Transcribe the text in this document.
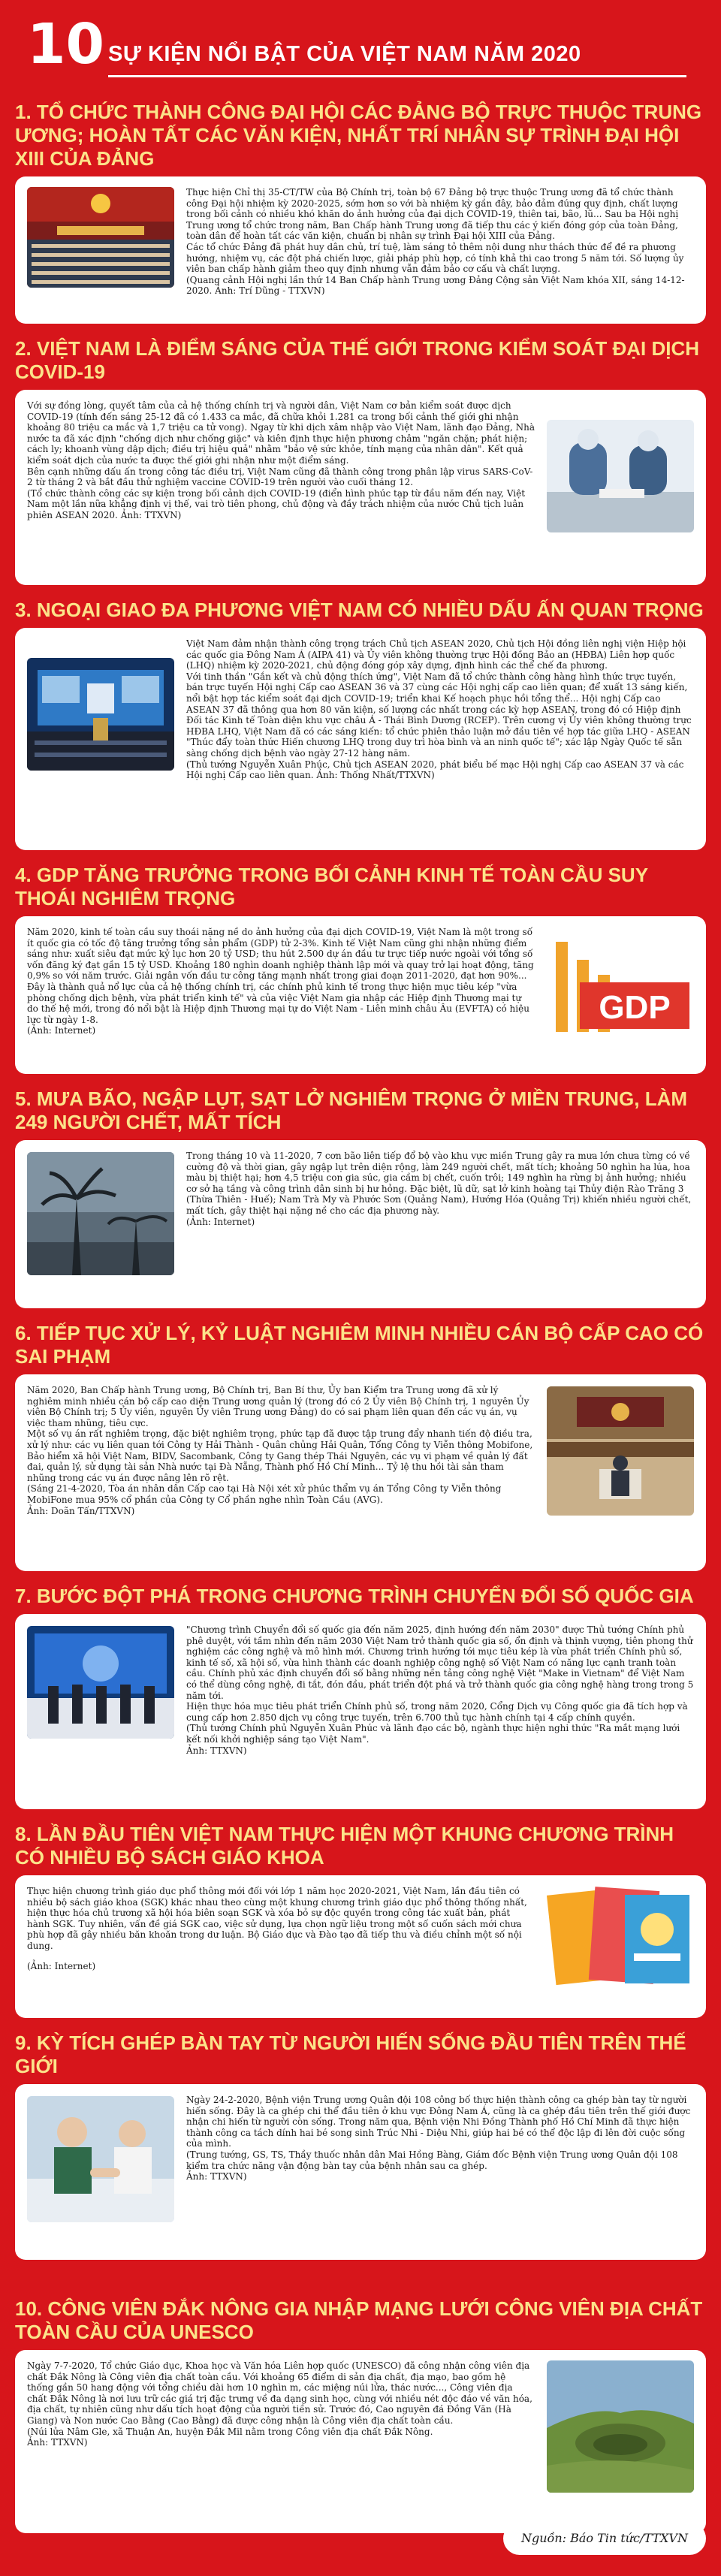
10 SỰ KIỆN NỔI BẬT CỦA VIỆT NAM NĂM 2020
1. TỔ CHỨC THÀNH CÔNG ĐẠI HỘI CÁC ĐẢNG BỘ TRỰC THUỘC TRUNG ƯƠNG; HOÀN TẤT CÁC VĂN KIỆN, NHẤT TRÍ NHÂN SỰ TRÌNH ĐẠI HỘI XIII CỦA ĐẢNG

Thực hiện Chỉ thị 35-CT/TW của Bộ Chính trị, toàn bộ 67 Đảng bộ trực thuộc Trung ương đã tổ chức thành công Đại hội nhiệm kỳ 2020-2025, sớm hơn so với bà nhiệm kỳ gần đây, bảo đảm đúng quy định, chất lượng trong bối cảnh có nhiều khó khăn do ảnh hưởng của đại dịch COVID-19, thiên tai, bão, lũ... Sau ba Hội nghị Trung ương tổ chức trong năm, Ban Chấp hành Trung ương đã tiếp thu các ý kiến đóng góp của toàn Đảng, toàn dân để hoàn tất các văn kiện, chuẩn bị nhân sự trình Đại hội XIII của Đảng.

Các tổ chức Đảng đã phát huy dân chủ, trí tuệ, làm sáng tỏ thêm nội dung như thách thức để đề ra phương hướng, nhiệm vụ, các đột phá chiến lược, giải pháp phù hợp, có tính khả thi cao trong 5 năm tới. Số lượng ủy viên ban chấp hành giảm theo quy định nhưng vẫn đảm bảo cơ cấu và chất lượng.

(Quang cảnh Hội nghị lần thứ 14 Ban Chấp hành Trung ương Đảng Cộng sản Việt Nam khóa XII, sáng 14-12-2020. Ảnh: Trí Dũng - TTXVN)

2. VIỆT NAM LÀ ĐIỂM SÁNG CỦA THẾ GIỚI TRONG KIỂM SOÁT ĐẠI DỊCH COVID-19

Với sự đồng lòng, quyết tâm của cả hệ thống chính trị và người dân, Việt Nam cơ bản kiểm soát được dịch COVID-19 (tính đến sáng 25-12 đã có 1.433 ca mắc, đã chữa khỏi 1.281 ca trong bối cảnh thế giới ghi nhận khoảng 80 triệu ca mắc và 1,7 triệu ca tử vong). Ngay từ khi dịch xâm nhập vào Việt Nam, lãnh đạo Đảng, Nhà nước ta đã xác định "chống dịch như chống giặc" và kiên định thực hiện phương châm "ngăn chặn; phát hiện; cách ly; khoanh vùng dập dịch; điều trị hiệu quả" nhằm "bảo vệ sức khỏe, tính mạng của nhân dân". Kết quả kiểm soát dịch của nước ta được thế giới ghi nhận như một điểm sáng.

Bên cạnh những dấu ấn trong công tác điều trị, Việt Nam cũng đã thành công trong phân lập virus SARS-CoV-2 từ tháng 2 và bắt đầu thử nghiệm vaccine COVID-19 trên người vào cuối tháng 12.

(Tổ chức thành công các sự kiện trong bối cảnh dịch COVID-19 (điển hình phúc tạp từ đầu năm đến nay, Việt Nam một lần nữa khẳng định vị thế, vai trò tiên phong, chủ động và đầy trách nhiệm của nước Chủ tịch luân phiên ASEAN 2020. Ảnh: TTXVN)

3. NGOẠI GIAO ĐA PHƯƠNG VIỆT NAM CÓ NHIỀU DẤU ẤN QUAN TRỌNG

Việt Nam đảm nhận thành công trọng trách Chủ tịch ASEAN 2020, Chủ tịch Hội đồng liên nghị viện Hiệp hội các quốc gia Đông Nam Á (AIPA 41) và Ủy viên không thường trực Hội đồng Bảo an (HĐBA) Liên hợp quốc (LHQ) nhiệm kỳ 2020-2021, chủ động đóng góp xây dựng, định hình các thể chế đa phương.

Với tinh thần "Gắn kết và chủ động thích ứng", Việt Nam đã tổ chức thành công hàng hình thức trực tuyến, bán trực tuyến Hội nghị Cấp cao ASEAN 36 và 37 cùng các Hội nghị cấp cao liên quan; để xuất 13 sáng kiến, nổi bật hợp tác kiểm soát đại dịch COVID-19; triển khai Kế hoạch phục hồi tổng thể... Hội nghị Cấp cao ASEAN 37 đã thông qua hơn 80 văn kiện, số lượng các nhất trong các kỳ hợp ASEAN, trong đó có Hiệp định Đối tác Kinh tế Toàn diện khu vực châu Á - Thái Bình Dương (RCEP). Trên cương vị Ủy viên không thường trực HĐBA LHQ, Việt Nam đã có các sáng kiến: tổ chức phiên thảo luận mở đầu tiên về hợp tác giữa LHQ - ASEAN "Thúc đẩy toàn thức Hiến chương LHQ trong duy trì hòa bình và an ninh quốc tế"; xác lập Ngày Quốc tế sẵn sàng chống dịch bệnh vào ngày 27-12 hàng năm.

(Thủ tướng Nguyễn Xuân Phúc, Chủ tịch ASEAN 2020, phát biểu bế mạc Hội nghị Cấp cao ASEAN 37 và các Hội nghị Cấp cao liên quan. Ảnh: Thống Nhất/TTXVN)

4. GDP TĂNG TRƯỞNG TRONG BỐI CẢNH KINH TẾ TOÀN CẦU SUY THOÁI NGHIÊM TRỌNG
GDP

Năm 2020, kinh tế toàn cầu suy thoái nặng nề do ảnh hưởng của đại dịch COVID-19, Việt Nam là một trong số ít quốc gia có tốc độ tăng trưởng tổng sản phẩm (GDP) tử 2-3%. Kinh tế Việt Nam cũng ghi nhận những điểm sáng như: xuất siêu đạt mức kỷ lục hơn 20 tỷ USD; thu hút 2.500 dự án đầu tư trực tiếp nước ngoài với tổng số vốn đăng ký đạt gần 15 tỷ USD. Khoảng 180 nghìn doanh nghiệp thành lập mới và quay trở lại hoạt động, tăng 0,9% so với năm trước. Giải ngân vốn đầu tư công tăng mạnh nhất trong giai đoạn 2011-2020, đạt hơn 90%... Đây là thành quả nổ lực của cả hệ thống chính trị, các chính phủ kinh tế trong thực hiện mục tiêu kép "vừa phòng chống dịch bệnh, vừa phát triển kinh tế" và của việc Việt Nam gia nhập các Hiệp định Thương mại tự do thế hệ mới, trong đó nổi bật là Hiệp định Thương mại tự do Việt Nam - Liên minh châu Âu (EVFTA) có hiệu lực từ ngày 1-8.

(Ảnh: Internet)

5. MƯA BÃO, NGẬP LỤT, SẠT LỞ NGHIÊM TRỌNG Ở MIỀN TRUNG, LÀM 249 NGƯỜI CHẾT, MẤT TÍCH

Trong tháng 10 và 11-2020, 7 cơn bão liên tiếp đổ bộ vào khu vực miền Trung gây ra mưa lớn chưa từng có về cường độ và thời gian, gây ngập lụt trên diện rộng, làm 249 người chết, mất tích; khoảng 50 nghìn ha lúa, hoa màu bị thiệt hại; hơn 4,5 triệu con gia súc, gia cầm bị chết, cuốn trôi; 149 nghìn ha rừng bị ảnh hưởng; nhiều cơ sở hạ tầng và công trình dân sinh bị hư hỏng. Đặc biệt, lũ dữ, sạt lở kinh hoàng tại Thủy điện Rào Trăng 3 (Thừa Thiên - Huế); Nam Trà My và Phước Sơn (Quảng Nam), Hướng Hóa (Quảng Trị) khiến nhiều người chết, mất tích, gây thiệt hại nặng nề cho các địa phương này.

(Ảnh: Internet)

6. TIẾP TỤC XỬ LÝ, KỶ LUẬT NGHIÊM MINH NHIỀU CÁN BỘ CẤP CAO CÓ SAI PHẠM

Năm 2020, Ban Chấp hành Trung ương, Bộ Chính trị, Ban Bí thư, Ủy ban Kiểm tra Trung ương đã xử lý nghiêm minh nhiều cán bộ cấp cao diện Trung ương quản lý (trong đó có 2 Ủy viên Bộ Chính trị, 1 nguyên Ủy viên Bộ Chính trị; 5 Ủy viên, nguyên Ủy viên Trung ương Đảng) do có sai phạm liên quan đến các vụ án, vụ việc tham nhũng, tiêu cực.

Một số vụ án rất nghiêm trọng, đặc biệt nghiêm trọng, phức tạp đã được tập trung đẩy nhanh tiến độ điều tra, xử lý như: các vụ liên quan tới Công ty Hải Thành - Quân chủng Hải Quân, Tổng Công ty Viễn thông Mobifone, Bảo hiểm xã hội Việt Nam, BIDV, Sacombank, Công ty Gang thép Thái Nguyên, các vụ vi phạm về quản lý đất đai, quản lý, sử dụng tài sản Nhà nước tại Đà Nẵng, Thành phố Hồ Chí Minh... Tỷ lệ thu hồi tài sản tham nhũng trong các vụ án được nâng lên rõ rệt.

(Sáng 21-4-2020, Tòa án nhân dân Cấp cao tại Hà Nội xét xử phúc thẩm vụ án Tổng Công ty Viễn thông MobiFone mua 95% cổ phần của Công ty Cổ phần nghe nhìn Toàn Cầu (AVG).

Ảnh: Doãn Tấn/TTXVN)

7. BƯỚC ĐỘT PHÁ TRONG CHƯƠNG TRÌNH CHUYỂN ĐỔI SỐ QUỐC GIA

"Chương trình Chuyển đổi số quốc gia đến năm 2025, định hướng đến năm 2030" được Thủ tướng Chính phủ phê duyệt, với tầm nhìn đến năm 2030 Việt Nam trở thành quốc gia số, ổn định và thịnh vượng, tiên phong thử nghiệm các công nghệ và mô hình mới. Chương trình hướng tới mục tiêu kép là vừa phát triển Chính phủ số, kinh tế số, xã hội số, vừa hình thành các doanh nghiệp công nghệ số Việt Nam có năng lực cạnh tranh toàn cầu. Chính phủ xác định chuyển đổi số bằng những nền tảng công nghệ Việt "Make in Vietnam" để Việt Nam có thể dùng công nghệ, đi tắt, đón đầu, phát triển đột phá và trở thành quốc gia công nghệ hàng trong trong 5 năm tới.

Hiện thực hóa mục tiêu phát triển Chính phủ số, trong năm 2020, Cổng Dịch vụ Công quốc gia đã tích hợp và cung cấp hơn 2.850 dịch vụ công trực tuyến, trên 6.700 thủ tục hành chính tại 4 cấp chính quyền.

(Thủ tướng Chính phủ Nguyễn Xuân Phúc và lãnh đạo các bộ, ngành thực hiện nghi thức "Ra mắt mạng lưới kết nối khởi nghiệp sáng tạo Việt Nam".

Ảnh: TTXVN)

8. LẦN ĐẦU TIÊN VIỆT NAM THỰC HIỆN MỘT KHUNG CHƯƠNG TRÌNH CÓ NHIỀU BỘ SÁCH GIÁO KHOA

Thực hiện chương trình giáo dục phổ thông mới đối với lớp 1 năm học 2020-2021, Việt Nam, lần đầu tiên có nhiều bộ sách giáo khoa (SGK) khác nhau theo cùng một khung chương trình giáo dục phổ thông thống nhất, hiện thực hóa chủ trương xã hội hóa biên soạn SGK và xóa bỏ sự độc quyền trong công tác xuất bản, phát hành SGK. Tuy nhiên, vấn đề giá SGK cao, việc sử dụng, lựa chọn ngữ liệu trong một số cuốn sách mới chưa phù hợp đã gây nhiều băn khoăn trong dư luận. Bộ Giáo dục và Đào tạo đã tiếp thu và điều chỉnh một số nội dung.

(Ảnh: Internet)

9. KỲ TÍCH GHÉP BÀN TAY TỪ NGƯỜI HIẾN SỐNG ĐẦU TIÊN TRÊN THẾ GIỚI

Ngày 24-2-2020, Bệnh viện Trung ương Quân đội 108 công bố thực hiện thành công ca ghép bàn tay từ người hiến sống. Đây là ca ghép chi thể đầu tiên ở khu vực Đông Nam Á, cũng là ca ghép đầu tiên trên thế giới được nhận chi hiến từ người còn sống. Trong năm qua, Bệnh viện Nhi Đồng Thành phố Hồ Chí Minh đã thực hiện thành công ca tách dính hai bé song sinh Trúc Nhi - Diệu Nhi, giúp hai bé có thể độc lập đi lên đời cuộc sống của mình.

(Trung tướng, GS, TS, Thầy thuốc nhân dân Mai Hồng Bàng, Giám đốc Bệnh viện Trung ương Quân đội 108 kiểm tra chức năng vận động bàn tay của bệnh nhân sau ca ghép.

Ảnh: TTXVN)

10. CÔNG VIÊN ĐẮK NÔNG GIA NHẬP MẠNG LƯỚI CÔNG VIÊN ĐỊA CHẤT TOÀN CẦU CỦA UNESCO

Ngày 7-7-2020, Tổ chức Giáo dục, Khoa học và Văn hóa Liên hợp quốc (UNESCO) đã công nhận công viên địa chất Đắk Nông là Công viên địa chất toàn cầu. Với khoảng 65 điểm di sản địa chất, địa mạo, bao gồm hệ thống gần 50 hang động với tổng chiều dài hơn 10 nghìn m, các miệng núi lửa, thác nước..., Công viên địa chất Đắk Nông là nơi lưu trữ các giá trị đặc trưng về đa dạng sinh học, cùng với nhiều nét độc đáo về văn hóa, địa chất, tự nhiên cũng như dấu tích hoạt động của người tiền sử. Trước đó, Cao nguyên đá Đồng Văn (Hà Giang) và Non nước Cao Bằng (Cao Bằng) đã được công nhận là Công viên địa chất toàn cầu.

(Núi lửa Nâm Gle, xã Thuận An, huyện Đắk Mil nằm trong Công viên địa chất Đắk Nông.

Ảnh: TTXVN)

Nguồn: Báo Tin tức/TTXVN
